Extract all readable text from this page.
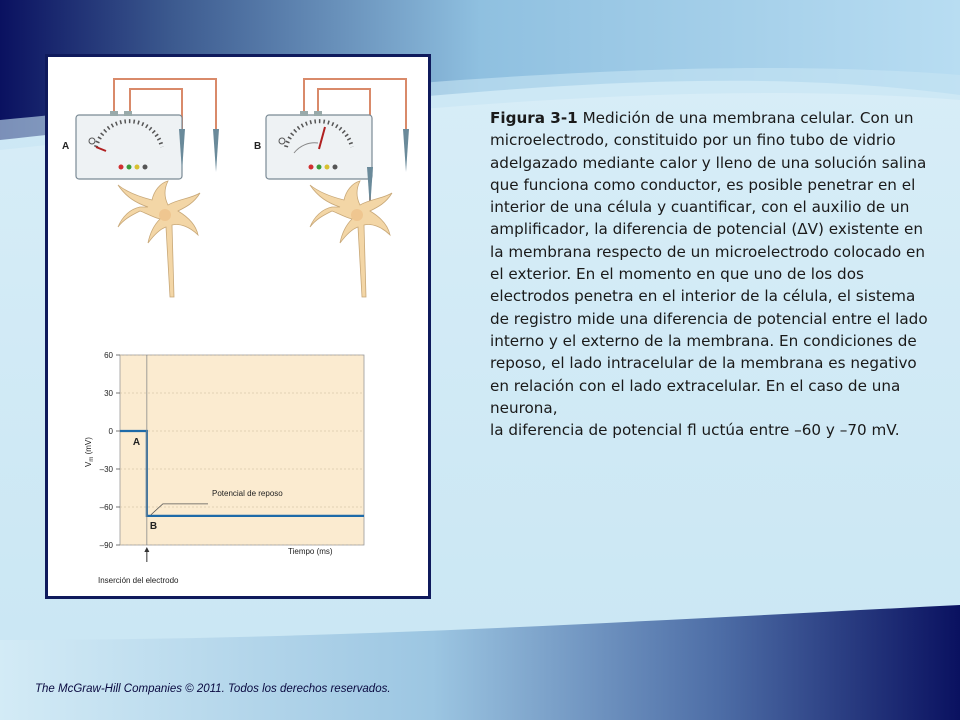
A	B
60
30
0
–30
–60
–90
A
B
Potencial de reposo
Tiempo (ms)
Inserción del electrodo
$V_m$ (mV)
Figura 3-1 Medición de una membrana celular. Con un microelectrodo, constituido por un fino tubo de vidrio adelgazado mediante calor y lleno de una solución salina que funciona como conductor, es posible penetrar en el interior de una célula y cuantificar, con el auxilio de un amplificador, la diferencia de potencial (ΔV) existente en la membrana respecto de un microelectrodo colocado en el exterior. En el momento en que uno de los dos electrodos penetra en el interior de la célula, el sistema de registro mide una diferencia de potencial entre el lado interno y el externo de la membrana. En condiciones de reposo, el lado intracelular de la membrana es negativo en relación con el lado extracelular. En el caso de una neurona,
la diferencia de potencial fl uctúa entre –60 y –70 mV.
The McGraw-Hill Companies © 2011. Todos los derechos reservados.
